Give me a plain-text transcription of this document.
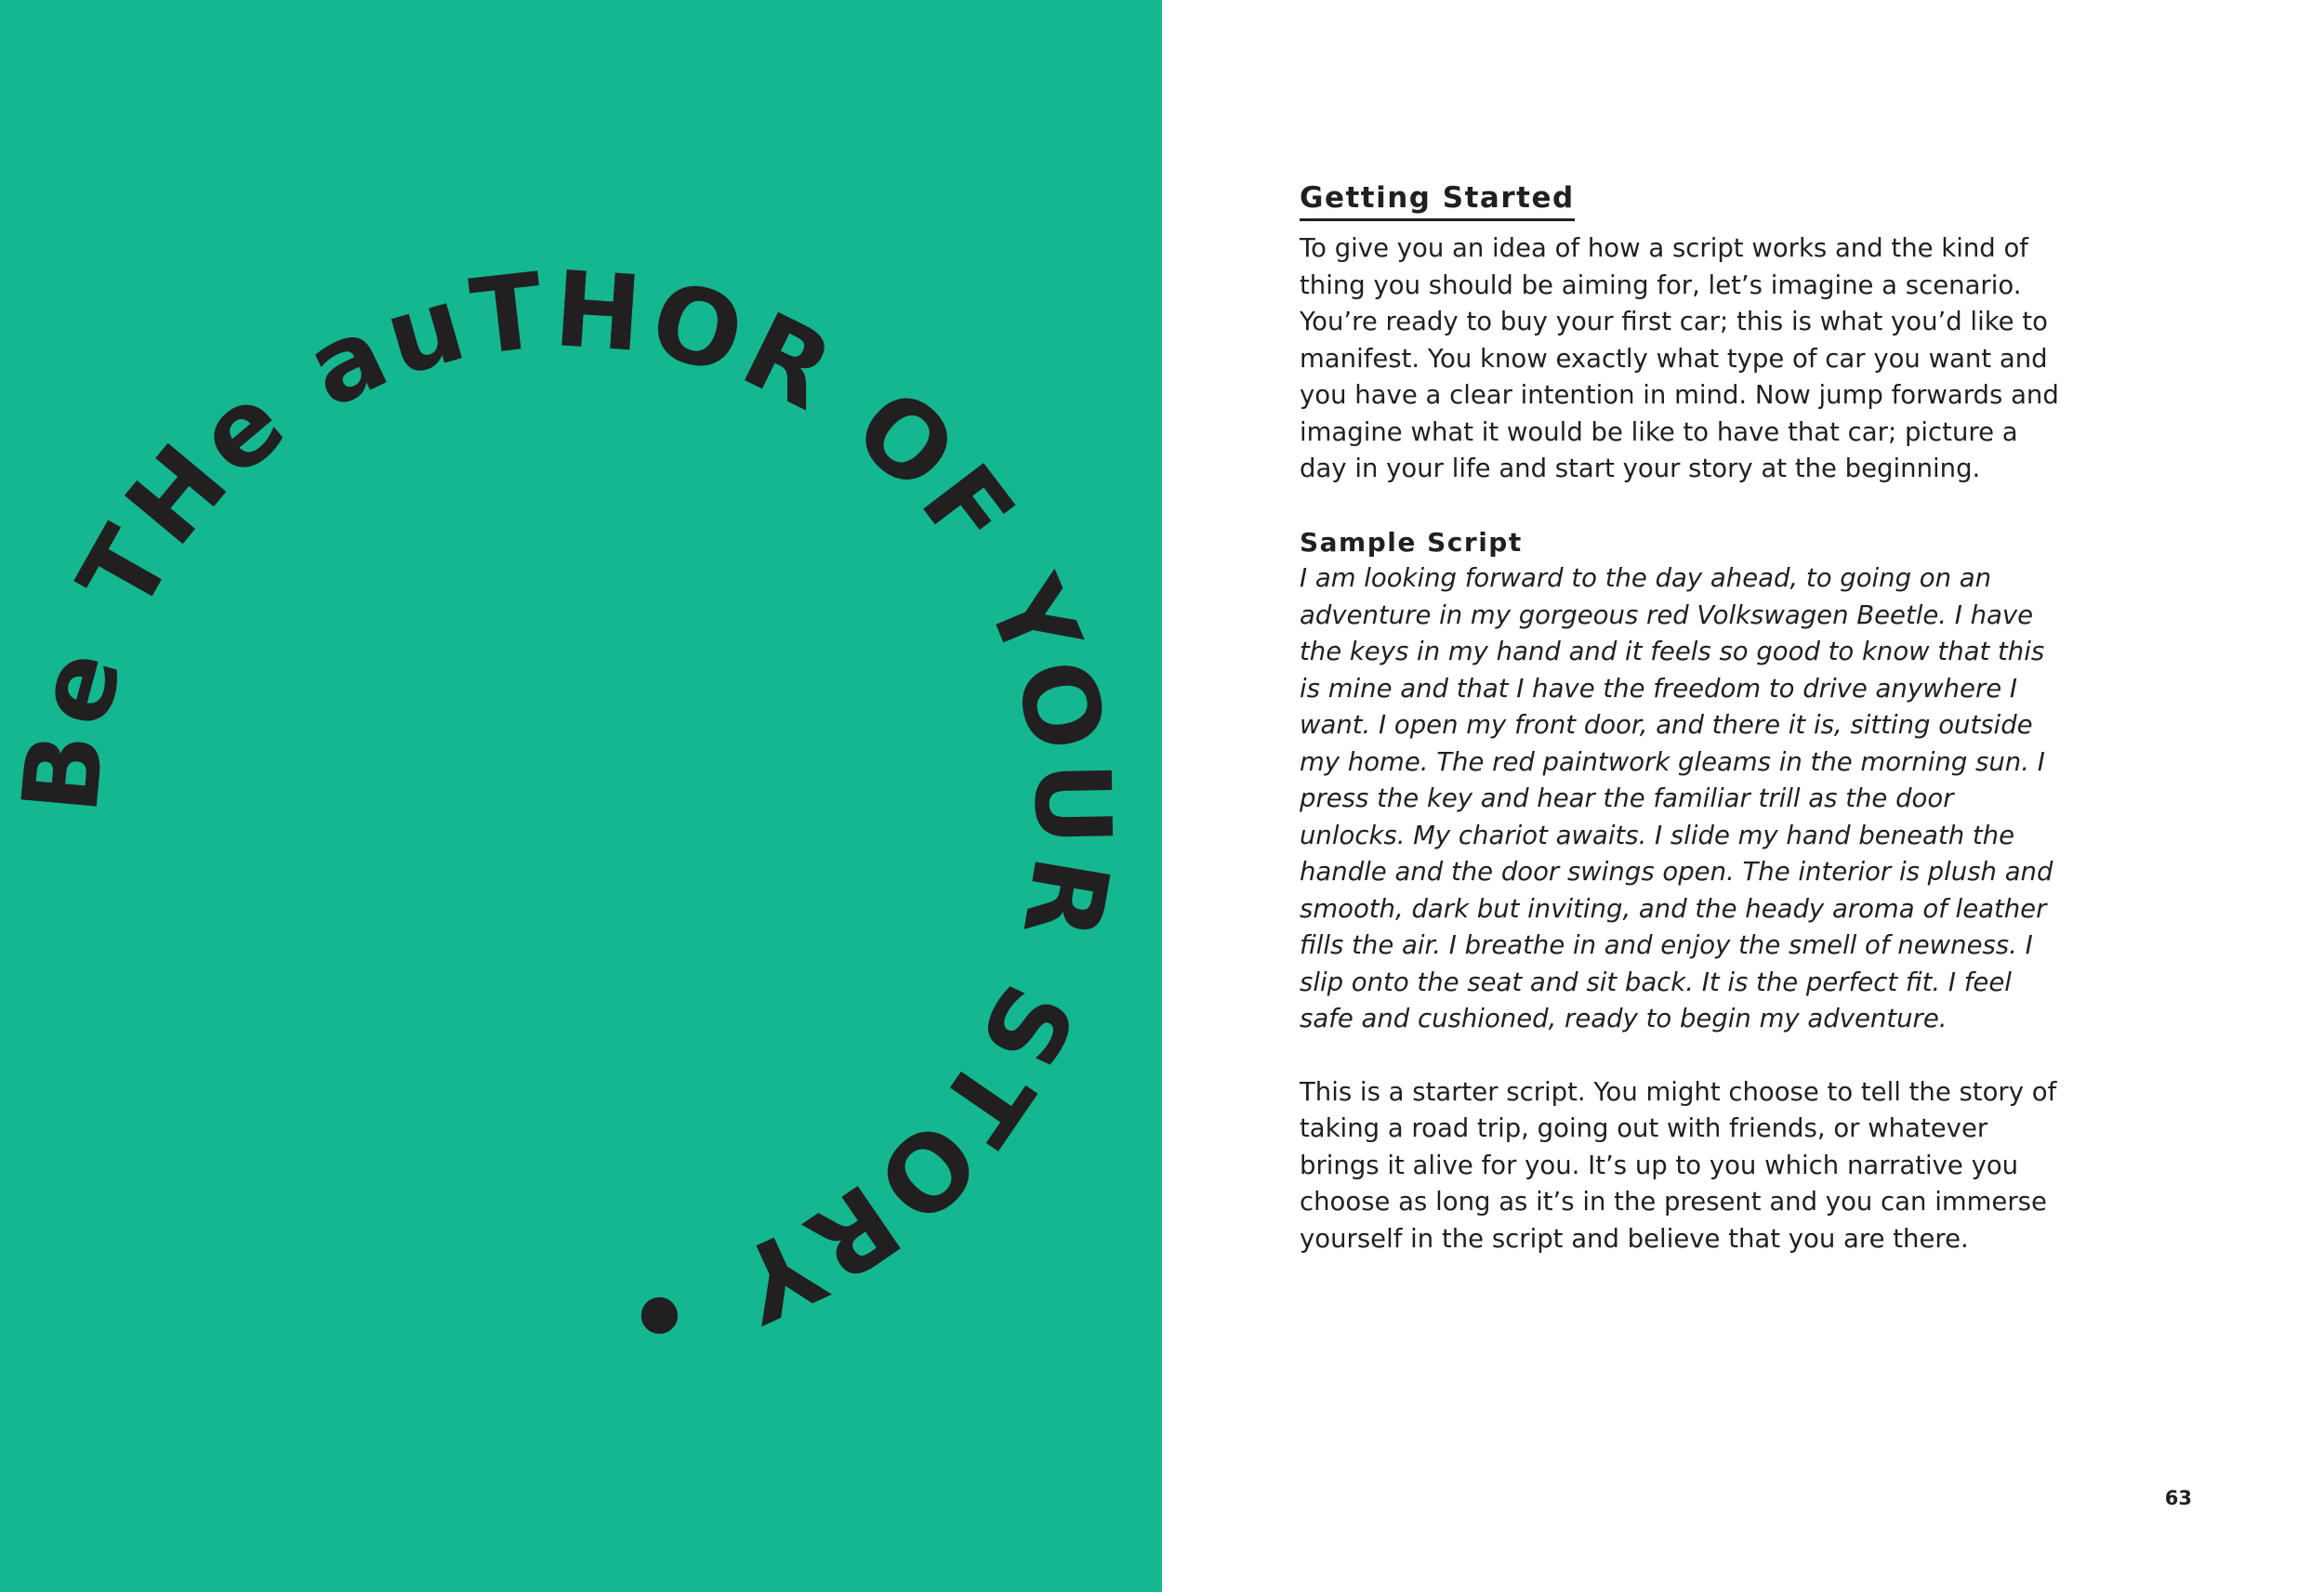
Be THe auTHOR OF YOUR STORY •
Getting Started

To give you an idea of how a script works and the kind of thing you should be aiming for, let’s imagine a scenario. You’re ready to buy your first car; this is what you’d like to manifest. You know exactly what type of car you want and you have a clear intention in mind. Now jump forwards and imagine what it would be like to have that car; picture a day in your life and start your story at the beginning.

Sample Script

I am looking forward to the day ahead, to going on an adventure in my gorgeous red Volkswagen Beetle. I have the keys in my hand and it feels so good to know that this is mine and that I have the freedom to drive anywhere I want. I open my front door, and there it is, sitting outside my home. The red paintwork gleams in the morning sun. I press the key and hear the familiar trill as the door unlocks. My chariot awaits. I slide my hand beneath the handle and the door swings open. The interior is plush and smooth, dark but inviting, and the heady aroma of leather fills the air. I breathe in and enjoy the smell of newness. I slip onto the seat and sit back. It is the perfect fit. I feel safe and cushioned, ready to begin my adventure.

This is a starter script. You might choose to tell the story of taking a road trip, going out with friends, or whatever brings it alive for you. It’s up to you which narrative you choose as long as it’s in the present and you can immerse yourself in the script and believe that you are there.

63
